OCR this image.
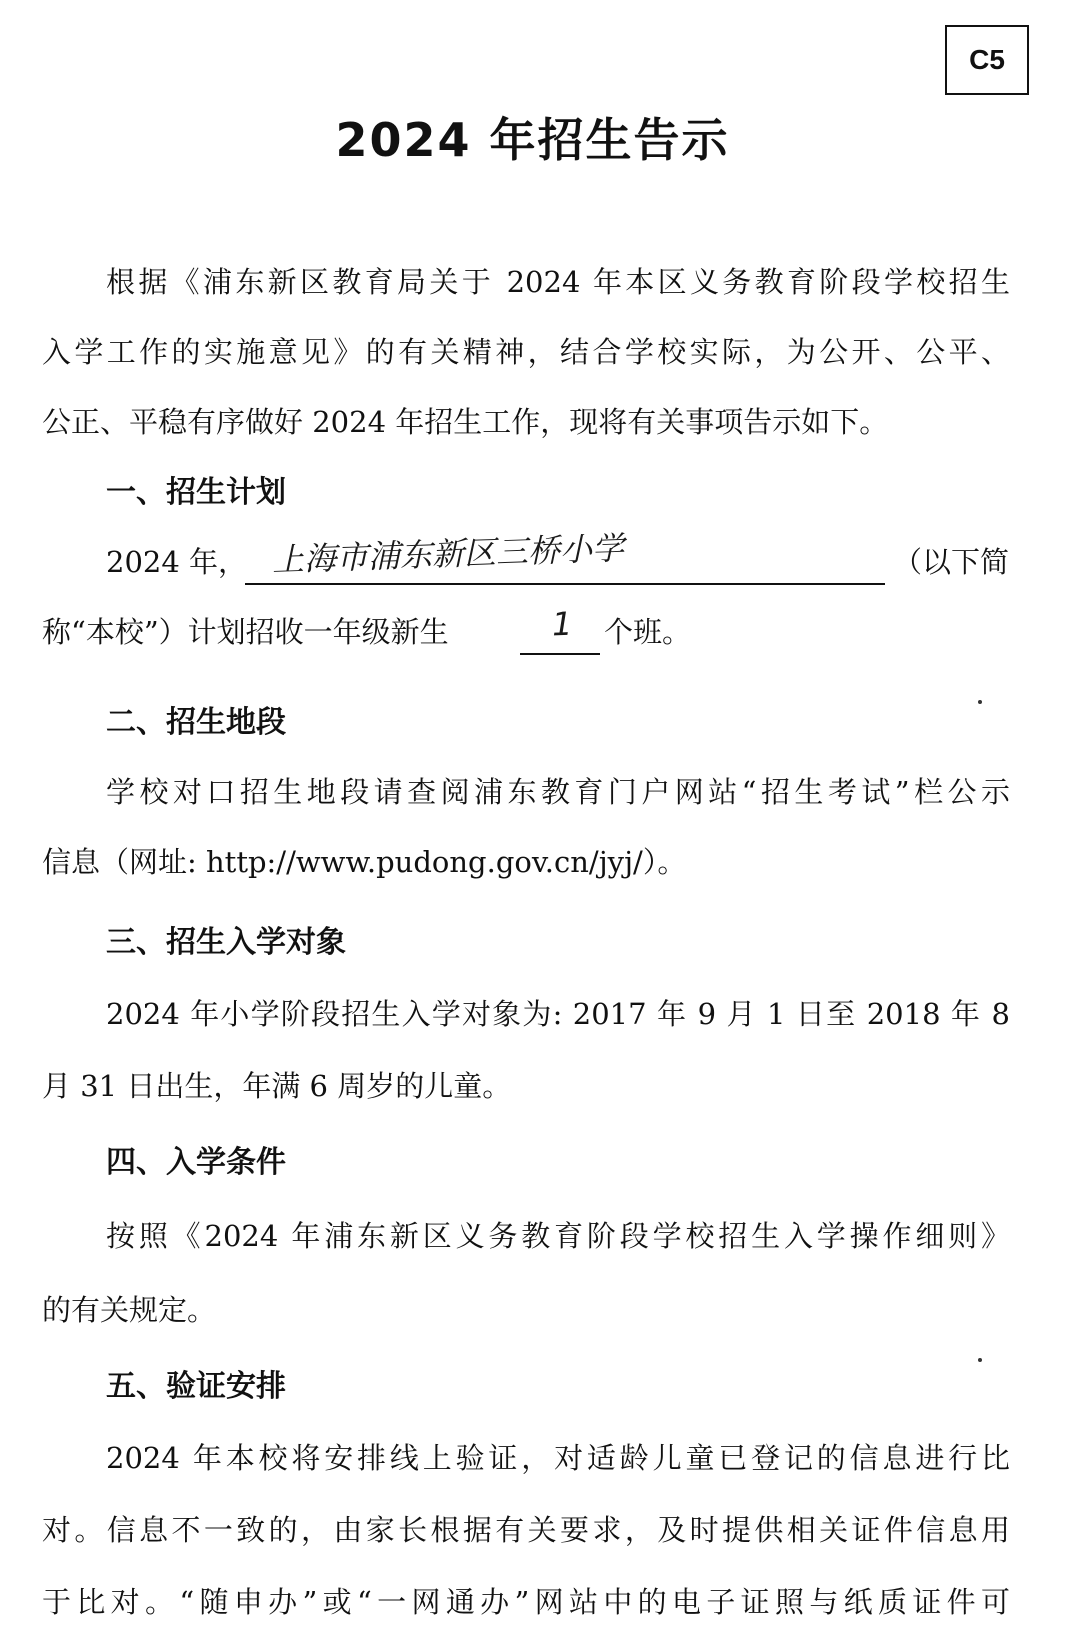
C5
2024 年招生告示
根据《浦东新区教育局关于 2024 年本区义务教育阶段学校招生
入学工作的实施意见》的有关精神，结合学校实际，为公开、公平、
公正、平稳有序做好 2024 年招生工作，现将有关事项告示如下。
一、招生计划
2024 年， 上海市浦东新区三桥小学	（以下简
称“本校”）计划招收一年级新生	1 个班。
二、招生地段
学校对口招生地段请查阅浦东教育门户网站“招生考试”栏公示
信息（网址: http://www.pudong.gov.cn/jyj/）。
三、招生入学对象
2024 年小学阶段招生入学对象为: 2017 年 9 月 1 日至 2018 年 8
月 31 日出生，年满 6 周岁的儿童。
四、入学条件
按照《2024 年浦东新区义务教育阶段学校招生入学操作细则》
的有关规定。
五、验证安排
2024 年本校将安排线上验证，对适龄儿童已登记的信息进行比
对。信息不一致的，由家长根据有关要求，及时提供相关证件信息用
于比对。“随申办”或“一网通办”网站中的电子证照与纸质证件可
